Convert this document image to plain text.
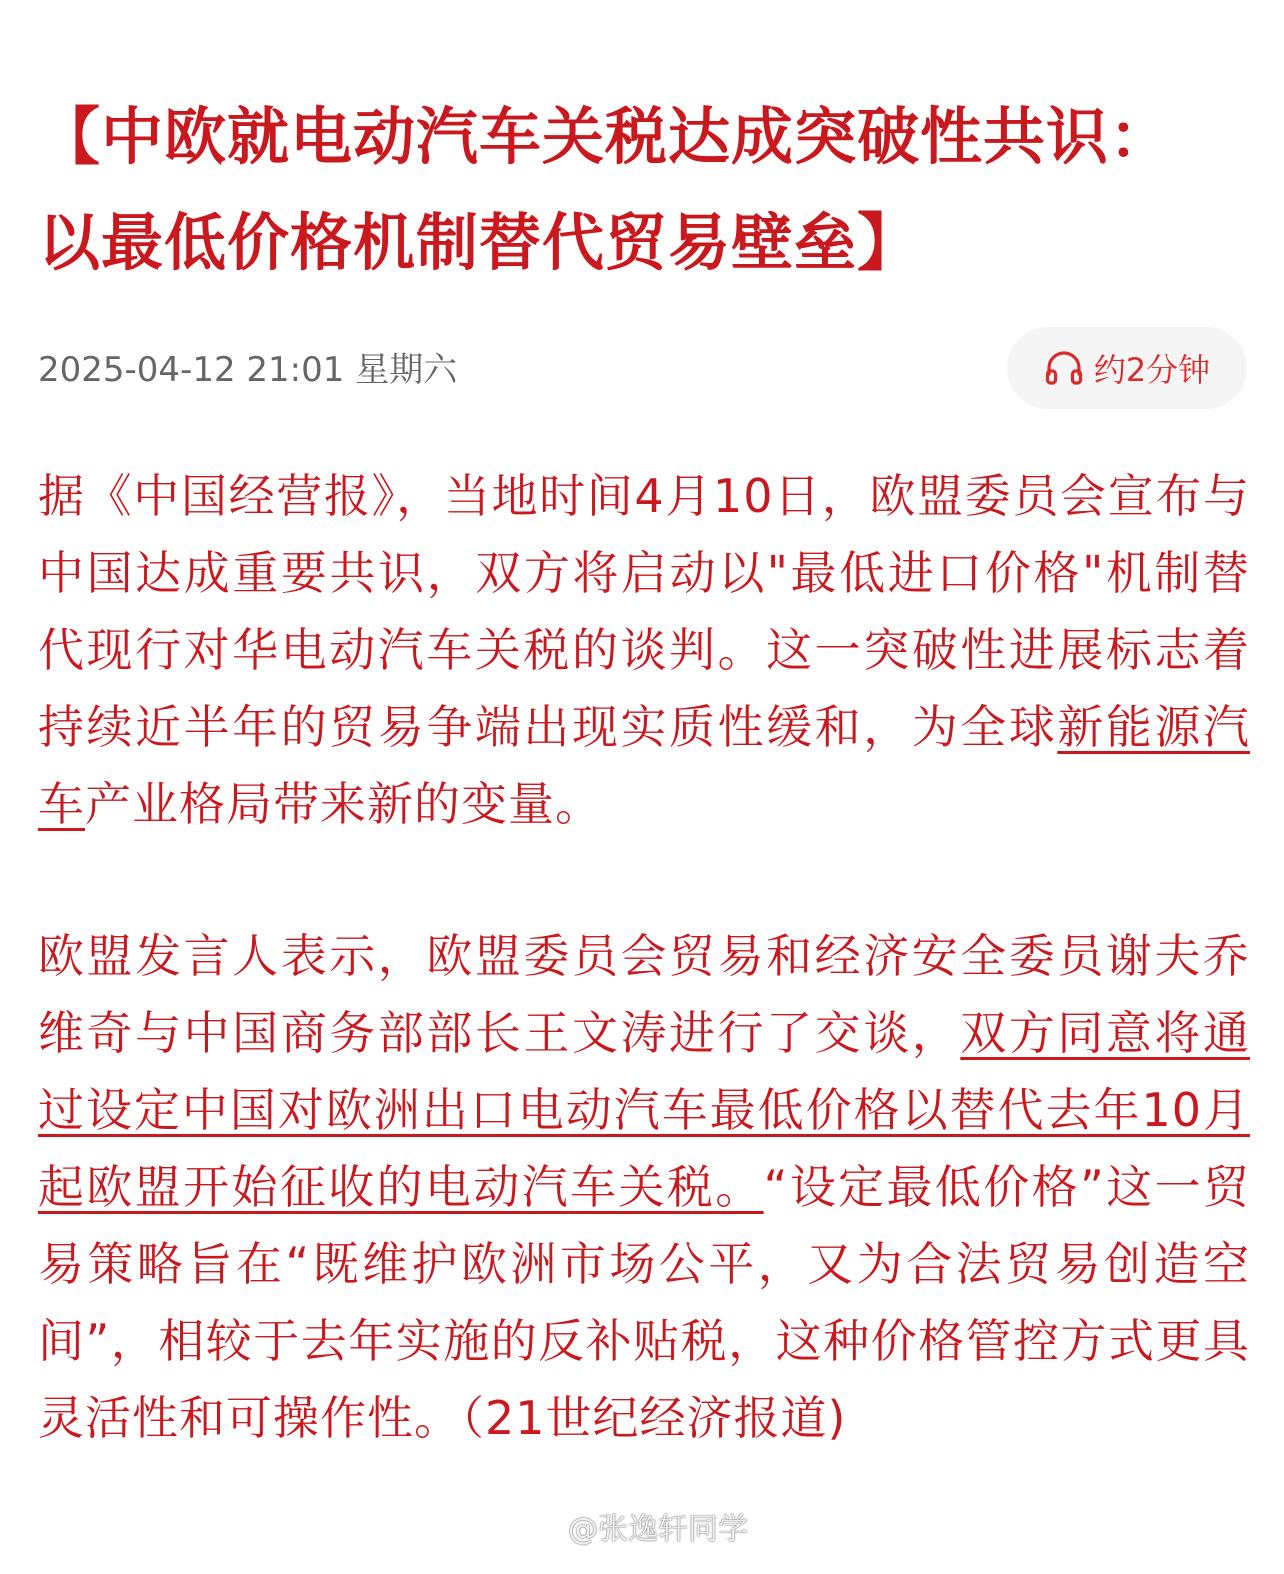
【中欧就电动汽车关税达成突破性共识：以最低价格机制替代贸易壁垒】
2025-04-12 21:01 星期六	约2分钟

据《中国经营报》，当地时间4月10日，欧盟委员会宣布与中国达成重要共识，双方将启动以"最低进口价格"机制替代现行对华电动汽车关税的谈判。这一突破性进展标志着持续近半年的贸易争端出现实质性缓和，为全球新能源汽车产业格局带来新的变量。

欧盟发言人表示，欧盟委员会贸易和经济安全委员谢夫乔维奇与中国商务部部长王文涛进行了交谈，双方同意将通过设定中国对欧洲出口电动汽车最低价格以替代去年10月起欧盟开始征收的电动汽车关税。“设定最低价格”这一贸易策略旨在“既维护欧洲市场公平，又为合法贸易创造空间”，相较于去年实施的反补贴税，这种价格管控方式更具灵活性和可操作性。（21世纪经济报道)

@张逸轩同学
